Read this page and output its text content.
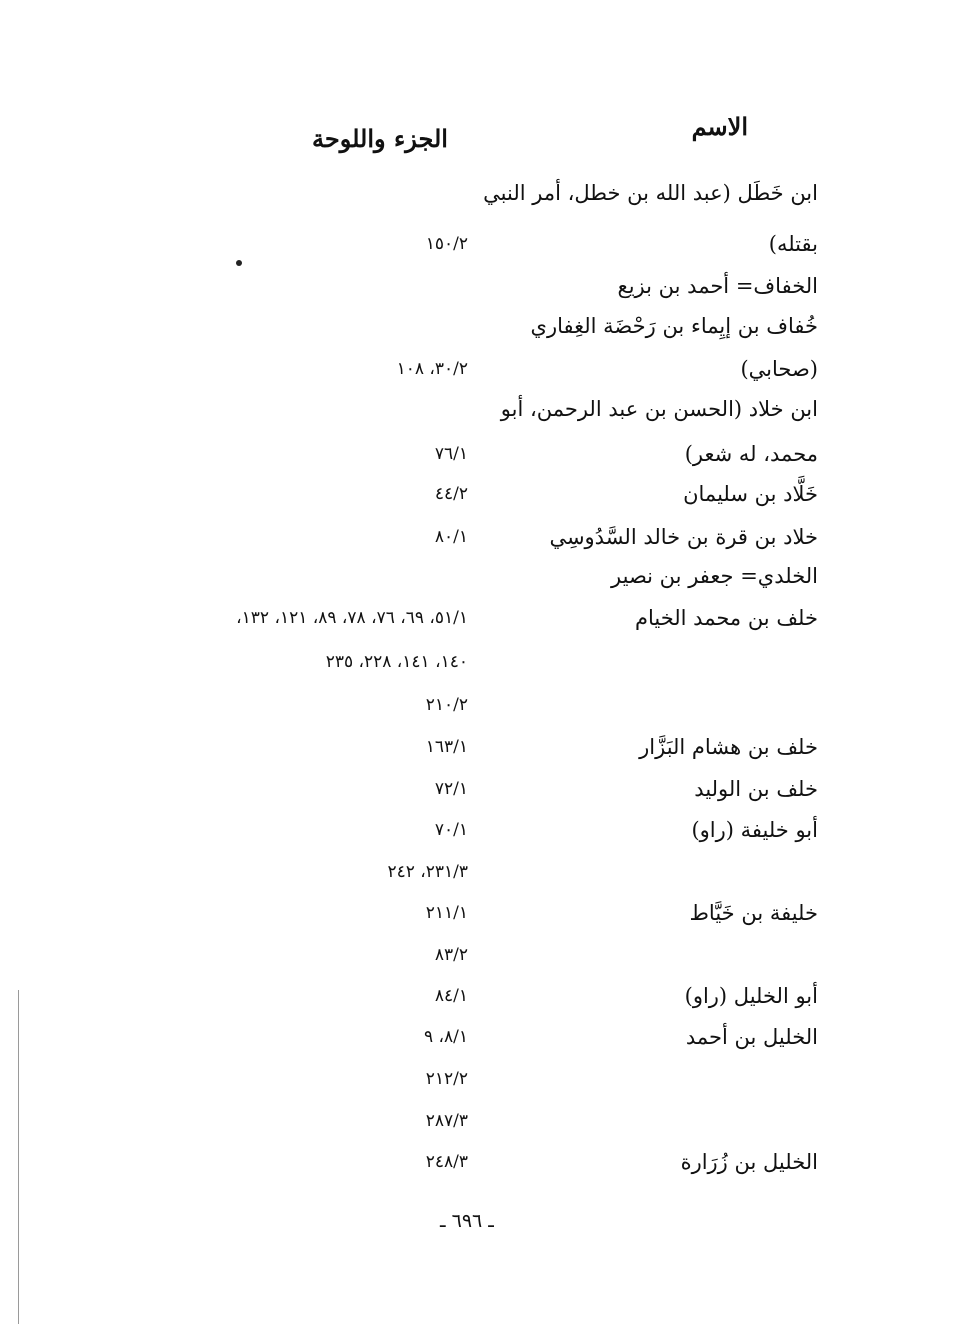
الاسم
الجزء واللوحة
ابن خَطَل (عبد الله بن خطل، أمر النبي
بقتله)
١٥٠/٢
الخفاف= أحمد بن بزيع
خُفاف بن إيِماء بن رَحْضَة الغِفاري
(صحابي)
٣٠/٢، ١٠٨
ابن خلاد (الحسن بن عبد الرحمن، أبو
محمد، له شعر)
٧٦/١
خَلَّاد بن سليمان
٤٤/٢
خلاد بن قرة بن خالد السَّدُوسِي
٨٠/١
الخلدي= جعفر بن نصير
خلف بن محمد الخيام
٥١/١، ٦٩، ٧٦، ٧٨، ٨٩، ١٢١، ١٣٢،
١٤٠، ١٤١، ٢٢٨، ٢٣٥
٢١٠/٢
خلف بن هشام البَزَّار
١٦٣/١
خلف بن الوليد
٧٢/١
أبو خليفة (راو)
٧٠/١
٢٣١/٣، ٢٤٢
خليفة بن خَيَّاط
٢١١/١
٨٣/٢
أبو الخليل (راو)
٨٤/١
الخليل بن أحمد
٨/١، ٩
٢١٢/٢
٢٨٧/٣
الخليل بن زُرَارة
٢٤٨/٣
ـ ٦٩٦ ـ
